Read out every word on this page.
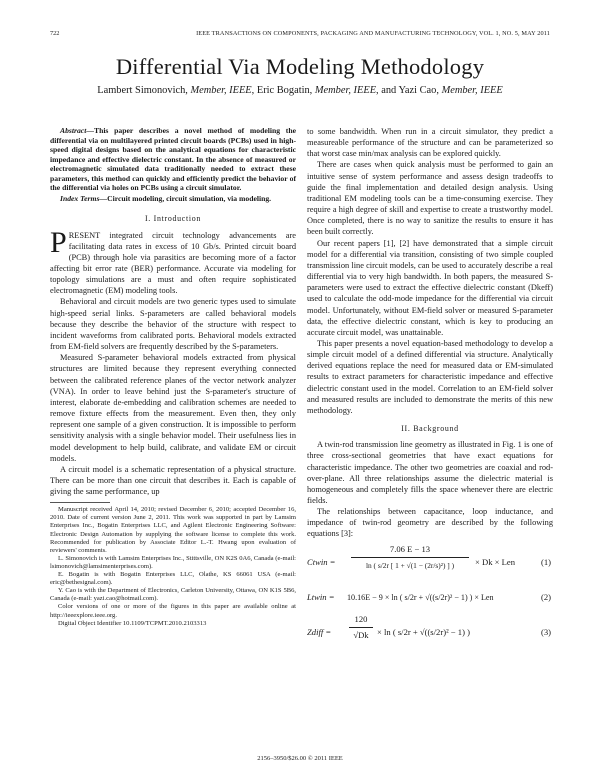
722	IEEE TRANSACTIONS ON COMPONENTS, PACKAGING AND MANUFACTURING TECHNOLOGY, VOL. 1, NO. 5, MAY 2011
Differential Via Modeling Methodology
Lambert Simonovich, Member, IEEE, Eric Bogatin, Member, IEEE, and Yazi Cao, Member, IEEE

Abstract—This paper describes a novel method of modeling the differential via on multilayered printed circuit boards (PCBs) used in high-speed digital designs based on the analytical equations for characteristic impedance and effective dielectric constant. In the absence of measured or electromagnetic simulated data traditionally needed to extract these parameters, this method can quickly and efficiently predict the behavior of the differential via holes on PCBs using a circuit simulator.

Index Terms—Circuit modeling, circuit simulation, via modeling.

I. Introduction

PRESENT integrated circuit technology advancements are facilitating data rates in excess of 10 Gb/s. Printed circuit board (PCB) through hole via parasitics are becoming more of a factor affecting bit error rate (BER) performance. Accurate via modeling for topology simulations are a must and often require sophisticated electromagnetic (EM) modeling tools.

Behavioral and circuit models are two generic types used to simulate high-speed serial links. S-parameters are called behavioral models because they describe the behavior of the structure with respect to incident waveforms from calibrated ports. Behavioral models extracted from EM-field solvers are frequently described by the S-parameters.

Measured S-parameter behavioral models extracted from physical structures are limited because they represent everything connected between the calibrated reference planes of the vector network analyzer (VNA). In order to leave behind just the S-parameter's structure of interest, elaborate de-embedding and calibration schemes are needed to remove fixture effects from the measurement. Even then, they only represent one sample of a given construction. It is impossible to perform sensitivity analysis with a single behavior model. Their usefulness lies in model development to help build, calibrate, and validate EM or circuit models.

A circuit model is a schematic representation of a physical structure. There can be more than one circuit that describes it. Each is capable of giving the same performance, up

Manuscript received April 14, 2010; revised December 6, 2010; accepted December 16, 2010. Date of current version June 2, 2011. This work was supported in part by Lamsim Enterprises Inc., Bogatin Enterprises LLC, and Agilent Electronic Engineering Software: Electronic Design Automation by supplying the software license to complete this work. Recommended for publication by Associate Editor L.-T. Hwang upon evaluation of reviewers' comments.

L. Simonovich is with Lamsim Enterprises Inc., Stittsville, ON K2S 0A6, Canada (e-mail: lsimonovich@lamsimenterprises.com).

E. Bogatin is with Bogatin Enterprises LLC, Olathe, KS 66061 USA (e-mail: eric@bethesignal.com).

Y. Cao is with the Department of Electronics, Carleton University, Ottawa, ON K1S 5B6, Canada (e-mail: yazi.cao@hotmail.com).

Color versions of one or more of the figures in this paper are available online at http://ieeexplore.ieee.org.

Digital Object Identifier 10.1109/TCPMT.2010.2103313

to some bandwidth. When run in a circuit simulator, they predict a measureable performance of the structure and can be parameterized so that worst case min/max analysis can be explored quickly.

There are cases when quick analysis must be performed to gain an intuitive sense of system performance and assess design tradeoffs to guide the final implementation and detailed design analysis. Using traditional EM modeling tools can be a time-consuming exercise. They require a high degree of skill and expertise to create a trustworthy model. Once completed, there is no way to sanitize the results to ensure it has been built correctly.

Our recent papers [1], [2] have demonstrated that a simple circuit model for a differential via transition, consisting of two simple coupled transmission line circuit models, can be used to accurately describe a real differential via to very high bandwidth. In both papers, the measured S-parameters were used to extract the effective dielectric constant (Dkeff) used to calculate the odd-mode impedance for the differential via circuit model. Unfortunately, without EM-field solver or measured S-parameter data, the effective dielectric constant, which is key to producing an accurate circuit model, was unattainable.

This paper presents a novel equation-based methodology to develop a simple circuit model of a defined differential via structure. Analytically derived equations replace the need for measured data or EM-simulated results to extract parameters for characteristic impedance and effective dielectric constant used in the model. Correlation to an EM-field solver and measured results are included to demonstrate the merits of this new methodology.

II. Background

A twin-rod transmission line geometry as illustrated in Fig. 1 is one of three cross-sectional geometries that have exact equations for characteristic impedance. The other two geometries are coaxial and rod-over-plane. All three relationships assume the dielectric material is homogeneous and completely fills the space whenever there are electric fields.

The relationships between capacitance, loop inductance, and impedance of twin-rod geometry are described by the following equations [3]:

Ctwin = $\frac{7.06 E - 13}{\text{ln ( s/2r [ 1 + √(1 − (2r/s)²) ] )}} \times Dk$ × Len	(1)
Ltwin = 10.16E − 9 × ln ( s/2r + √((s/2r)² − 1) ) × Len	(2)
Zdiff = $\frac{120}{√Dk} \times \ln$ ( s/2r + √((s/2r)² − 1) )	(3)
2156–3950/$26.00 © 2011 IEEE
